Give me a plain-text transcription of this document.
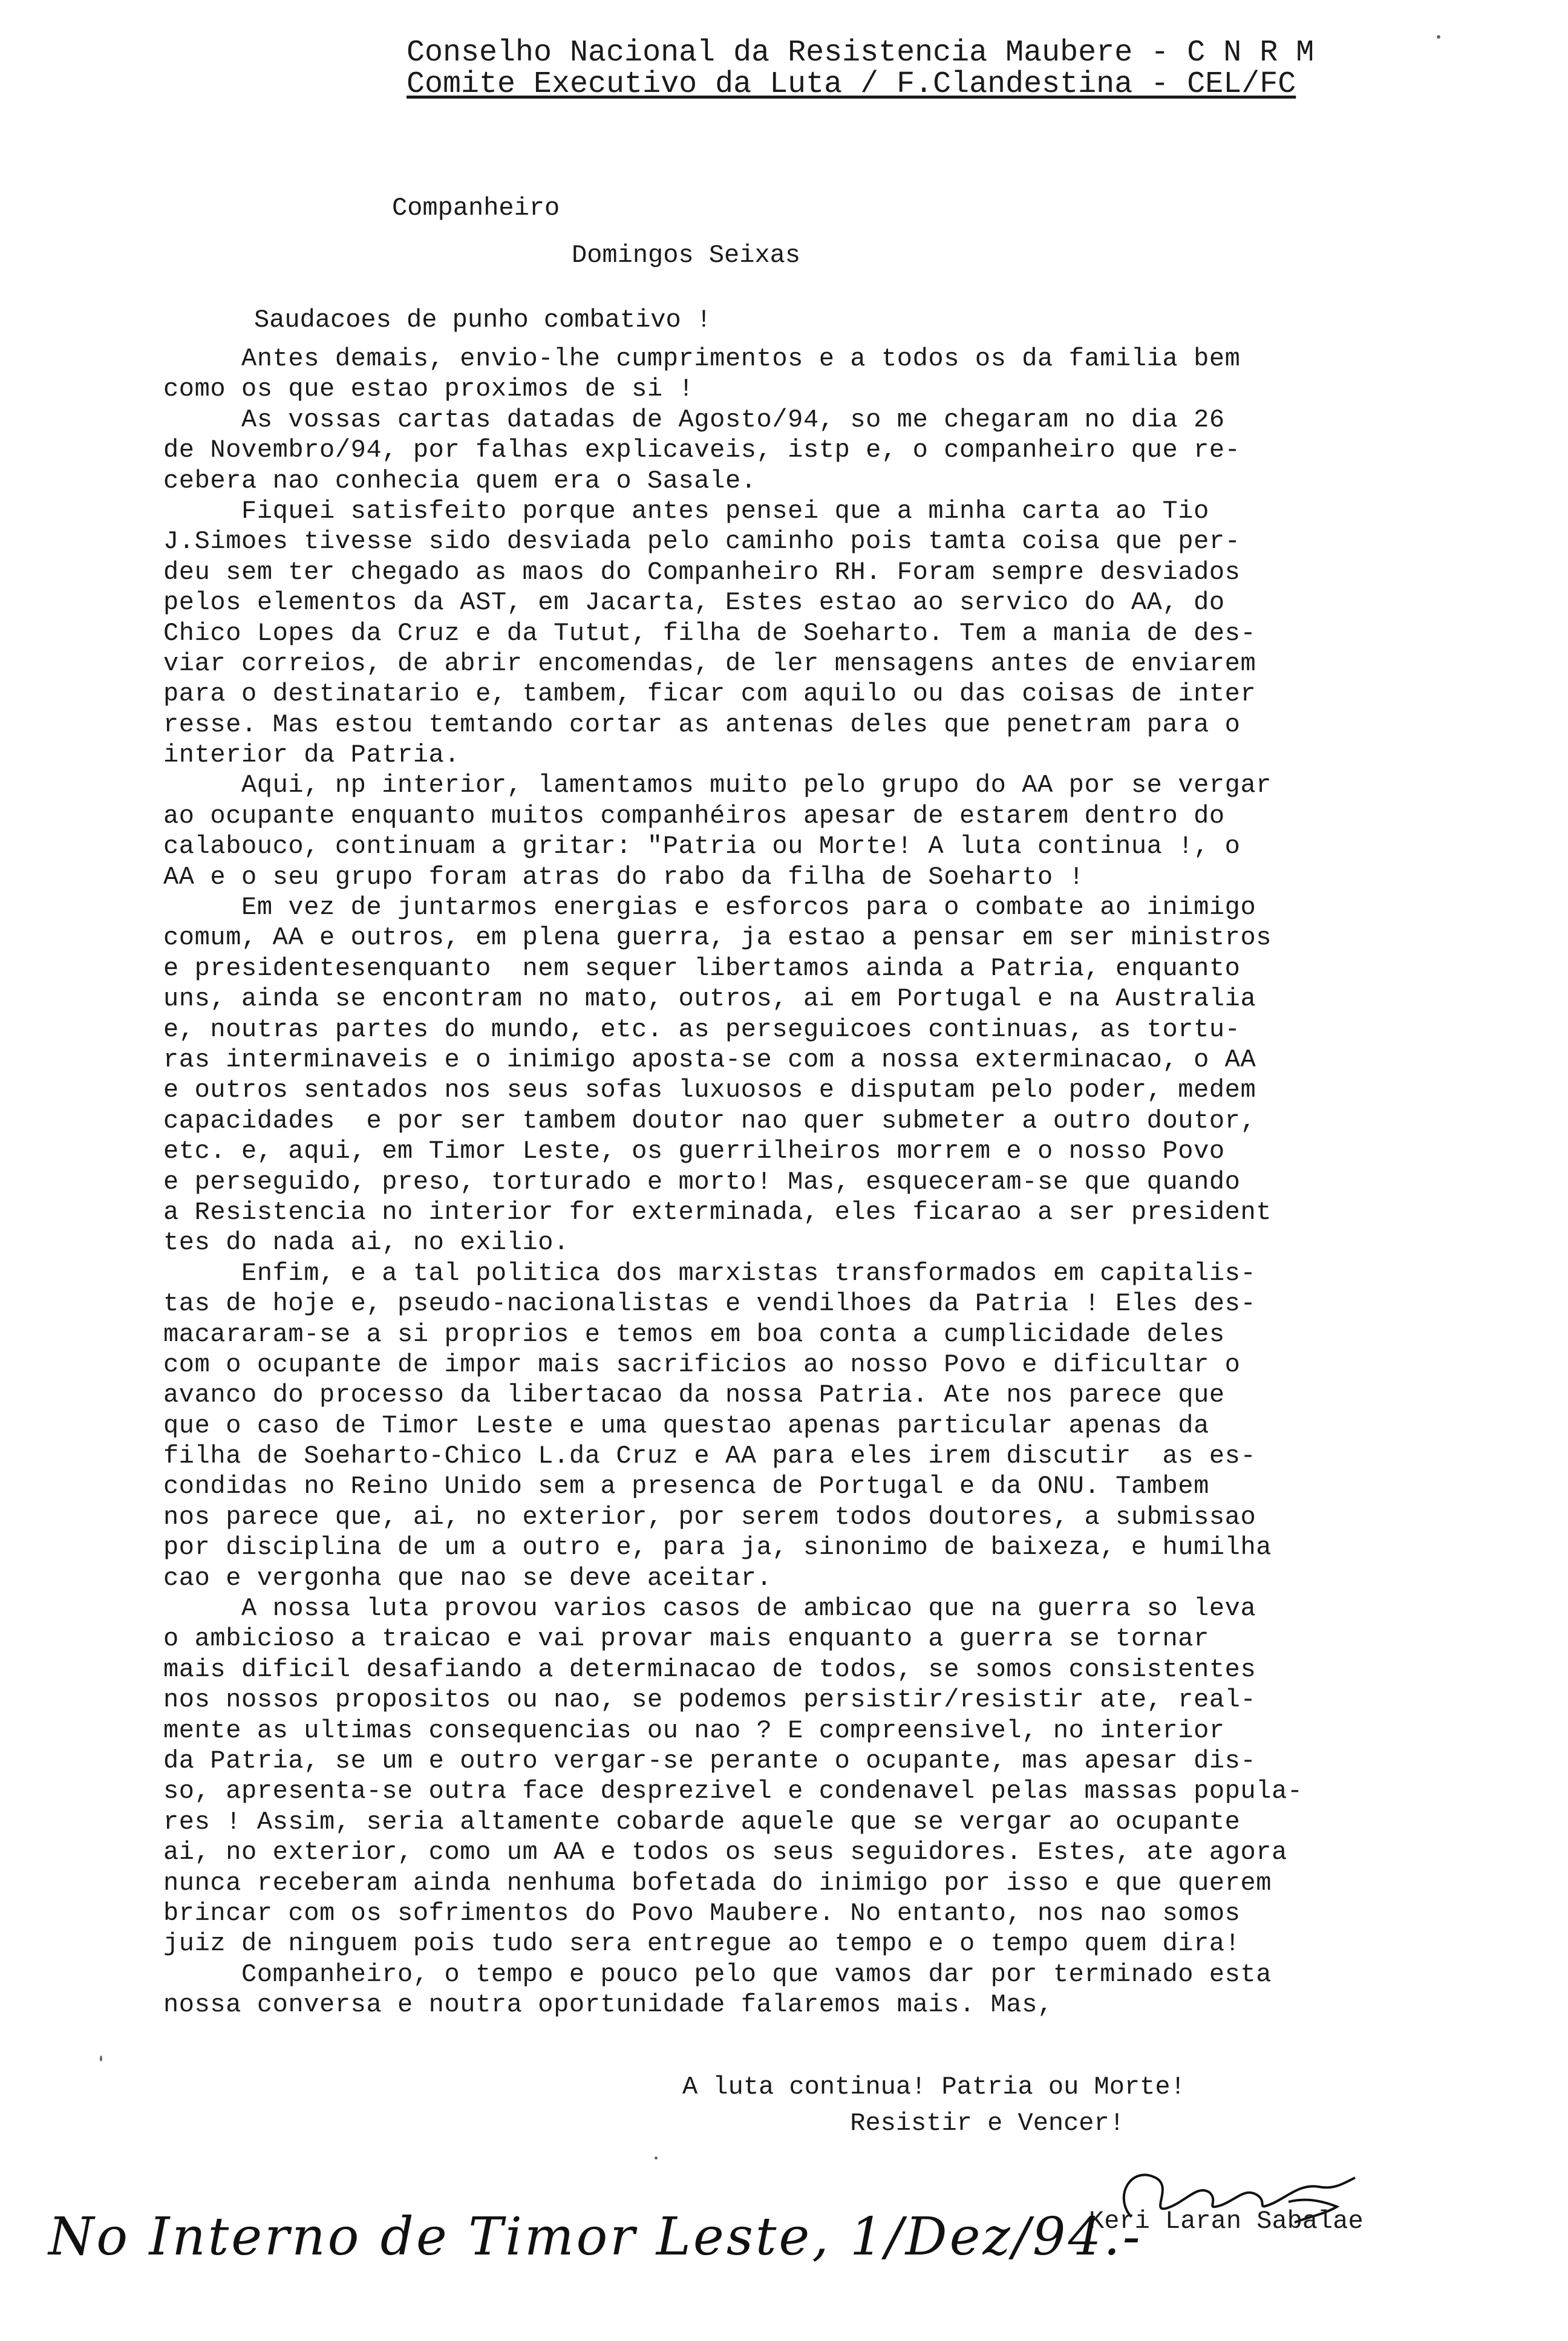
Conselho Nacional da Resistencia Maubere - C N R M
Comite Executivo da Luta / F.Clandestina - CEL/FC
Companheiro
Domingos Seixas
Saudacoes de punho combativo !
Antes demais, envio-lhe cumprimentos e a todos os da familia bem
como os que estao proximos de si !
As vossas cartas datadas de Agosto/94, so me chegaram no dia 26
de Novembro/94, por falhas explicaveis, istp e, o companheiro que re-
cebera nao conhecia quem era o Sasale.
Fiquei satisfeito porque antes pensei que a minha carta ao Tio
J.Simoes tivesse sido desviada pelo caminho pois tamta coisa que per-
deu sem ter chegado as maos do Companheiro RH. Foram sempre desviados
pelos elementos da AST, em Jacarta, Estes estao ao servico do AA, do
Chico Lopes da Cruz e da Tutut, filha de Soeharto. Tem a mania de des-
viar correios, de abrir encomendas, de ler mensagens antes de enviarem
para o destinatario e, tambem, ficar com aquilo ou das coisas de inter
resse. Mas estou temtando cortar as antenas deles que penetram para o
interior da Patria.
Aqui, np interior, lamentamos muito pelo grupo do AA por se vergar
ao ocupante enquanto muitos companhéiros apesar de estarem dentro do
calabouco, continuam a gritar: "Patria ou Morte! A luta continua !, o
AA e o seu grupo foram atras do rabo da filha de Soeharto !
Em vez de juntarmos energias e esforcos para o combate ao inimigo
comum, AA e outros, em plena guerra, ja estao a pensar em ser ministros
e presidentesenquanto  nem sequer libertamos ainda a Patria, enquanto
uns, ainda se encontram no mato, outros, ai em Portugal e na Australia
e, noutras partes do mundo, etc. as perseguicoes continuas, as tortu-
ras interminaveis e o inimigo aposta-se com a nossa exterminacao, o AA
e outros sentados nos seus sofas luxuosos e disputam pelo poder, medem
capacidades  e por ser tambem doutor nao quer submeter a outro doutor,
etc. e, aqui, em Timor Leste, os guerrilheiros morrem e o nosso Povo
e perseguido, preso, torturado e morto! Mas, esqueceram-se que quando
a Resistencia no interior for exterminada, eles ficarao a ser president
tes do nada ai, no exilio.
Enfim, e a tal politica dos marxistas transformados em capitalis-
tas de hoje e, pseudo-nacionalistas e vendilhoes da Patria ! Eles des-
macararam-se a si proprios e temos em boa conta a cumplicidade deles
com o ocupante de impor mais sacrificios ao nosso Povo e dificultar o
avanco do processo da libertacao da nossa Patria. Ate nos parece que
que o caso de Timor Leste e uma questao apenas particular apenas da
filha de Soeharto-Chico L.da Cruz e AA para eles irem discutir  as es-
condidas no Reino Unido sem a presenca de Portugal e da ONU. Tambem
nos parece que, ai, no exterior, por serem todos doutores, a submissao
por disciplina de um a outro e, para ja, sinonimo de baixeza, e humilha
cao e vergonha que nao se deve aceitar.
A nossa luta provou varios casos de ambicao que na guerra so leva
o ambicioso a traicao e vai provar mais enquanto a guerra se tornar
mais dificil desafiando a determinacao de todos, se somos consistentes
nos nossos propositos ou nao, se podemos persistir/resistir ate, real-
mente as ultimas consequencias ou nao ? E compreensivel, no interior
da Patria, se um e outro vergar-se perante o ocupante, mas apesar dis-
so, apresenta-se outra face desprezivel e condenavel pelas massas popula-
res ! Assim, seria altamente cobarde aquele que se vergar ao ocupante
ai, no exterior, como um AA e todos os seus seguidores. Estes, ate agora
nunca receberam ainda nenhuma bofetada do inimigo por isso e que querem
brincar com os sofrimentos do Povo Maubere. No entanto, nos nao somos
juiz de ninguem pois tudo sera entregue ao tempo e o tempo quem dira!
Companheiro, o tempo e pouco pelo que vamos dar por terminado esta
nossa conversa e noutra oportunidade falaremos mais. Mas,
A luta continua! Patria ou Morte!
Resistir e Vencer!
Keri Laran Sabalae
No Interno de Timor Leste, 1/Dez/94.-
